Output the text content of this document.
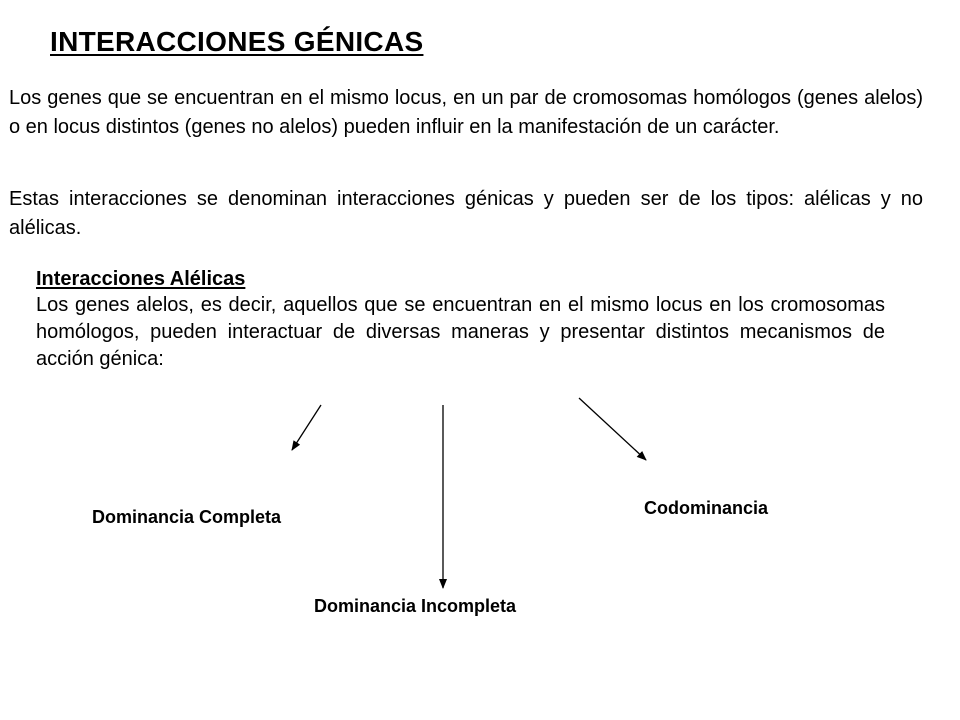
INTERACCIONES GÉNICAS

Los genes que se encuentran en el mismo locus, en un par de cromosomas homólogos (genes alelos) o en locus distintos (genes no alelos) pueden influir en la manifestación de un carácter.

Estas interacciones se denominan interacciones génicas y pueden ser de los tipos: alélicas y no alélicas.

Interacciones Alélicas

Los genes alelos, es decir, aquellos que se encuentran en el mismo locus en los cromosomas homólogos, pueden interactuar de diversas maneras y presentar distintos mecanismos de acción génica:

Dominancia Completa	Codominancia

Dominancia Incompleta
